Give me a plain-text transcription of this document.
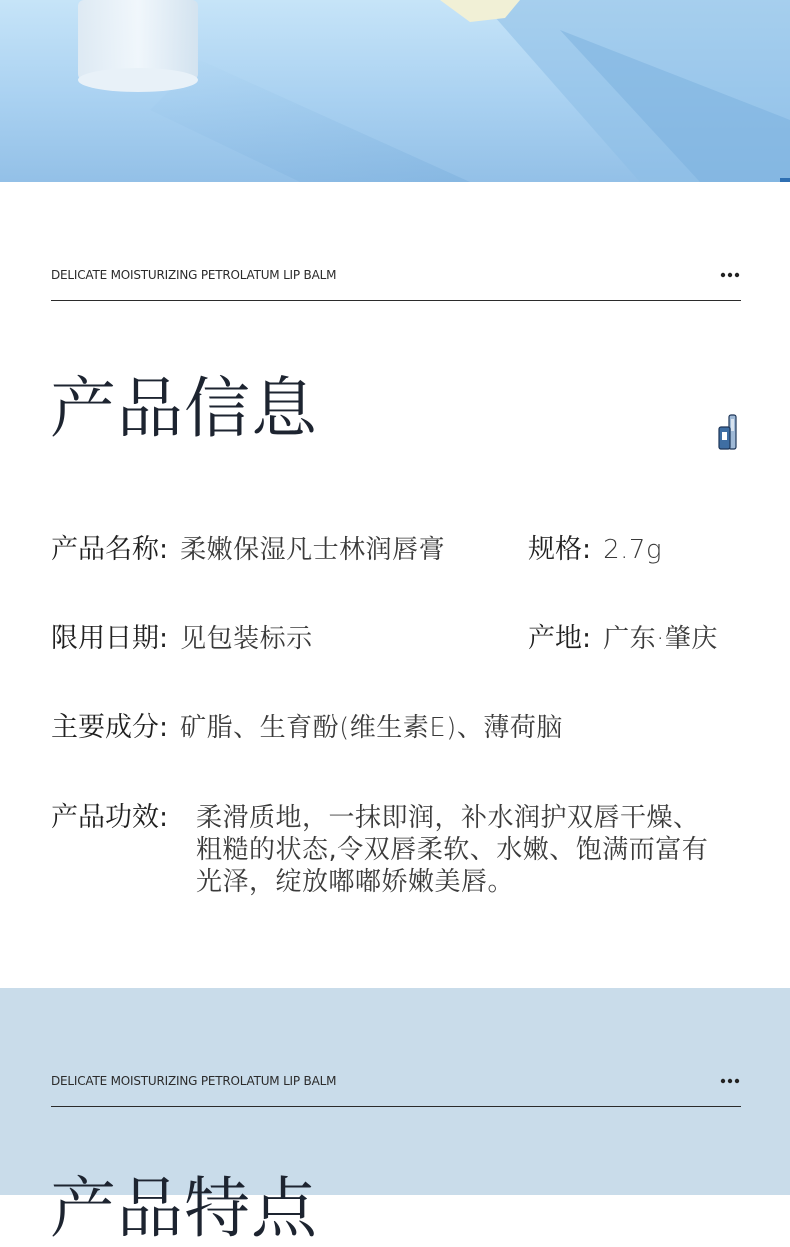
DELICATE MOISTURIZING PETROLATUM LIP BALM
产品信息
产品名称: 柔嫩保湿凡士林润唇膏	规格: 2.7g
限用日期: 见包装标示	产地: 广东·肇庆
主要成分: 矿脂、生育酚(维生素E)、薄荷脑
产品功效: 柔滑质地，一抹即润，补水润护双唇干燥、
粗糙的状态,令双唇柔软、水嫩、饱满而富有
光泽，绽放嘟嘟娇嫩美唇。
DELICATE MOISTURIZING PETROLATUM LIP BALM
产品特点
